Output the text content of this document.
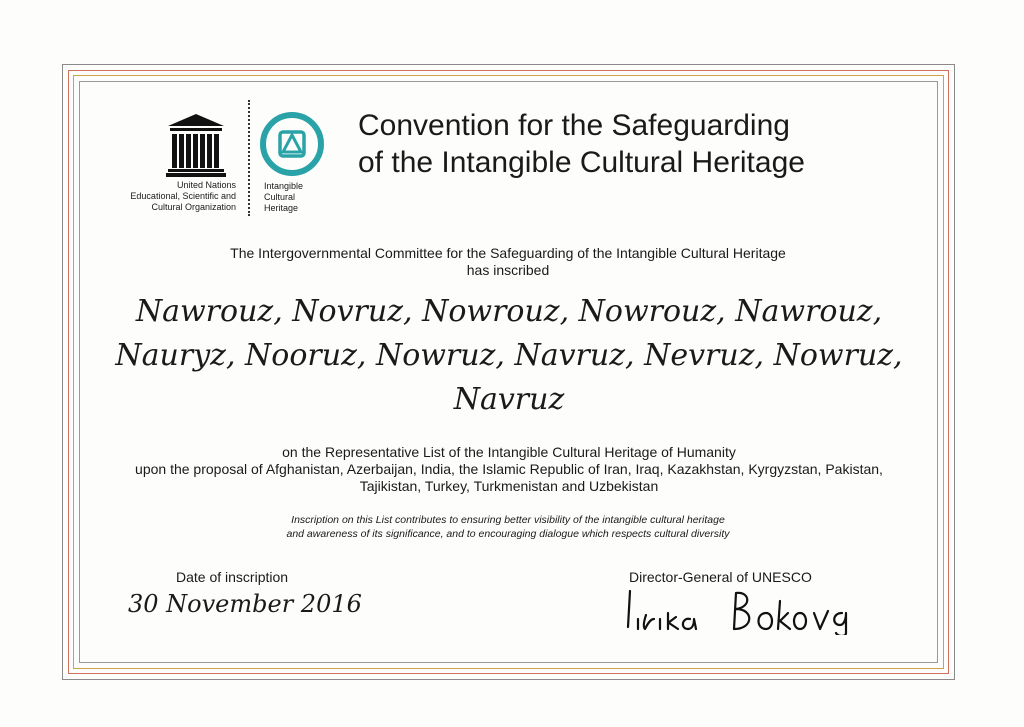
United Nations
Educational, Scientific and
Cultural Organization
Intangible
Cultural
Heritage
Convention for the Safeguarding
of the Intangible Cultural Heritage
The Intergovernmental Committee for the Safeguarding of the Intangible Cultural Heritage
has inscribed
Nawrouz, Novruz, Nowrouz, Nowrouz, Nawrouz,
Nauryz, Nooruz, Nowruz, Navruz, Nevruz, Nowruz,
Navruz
on the Representative List of the Intangible Cultural Heritage of Humanity
upon the proposal of Afghanistan, Azerbaijan, India, the Islamic Republic of Iran, Iraq, Kazakhstan, Kyrgyzstan, Pakistan,
Tajikistan, Turkey, Turkmenistan and Uzbekistan
Inscription on this List contributes to ensuring better visibility of the intangible cultural heritage
and awareness of its significance, and to encouraging dialogue which respects cultural diversity
Date of inscription
30 November 2016
Director-General of UNESCO
